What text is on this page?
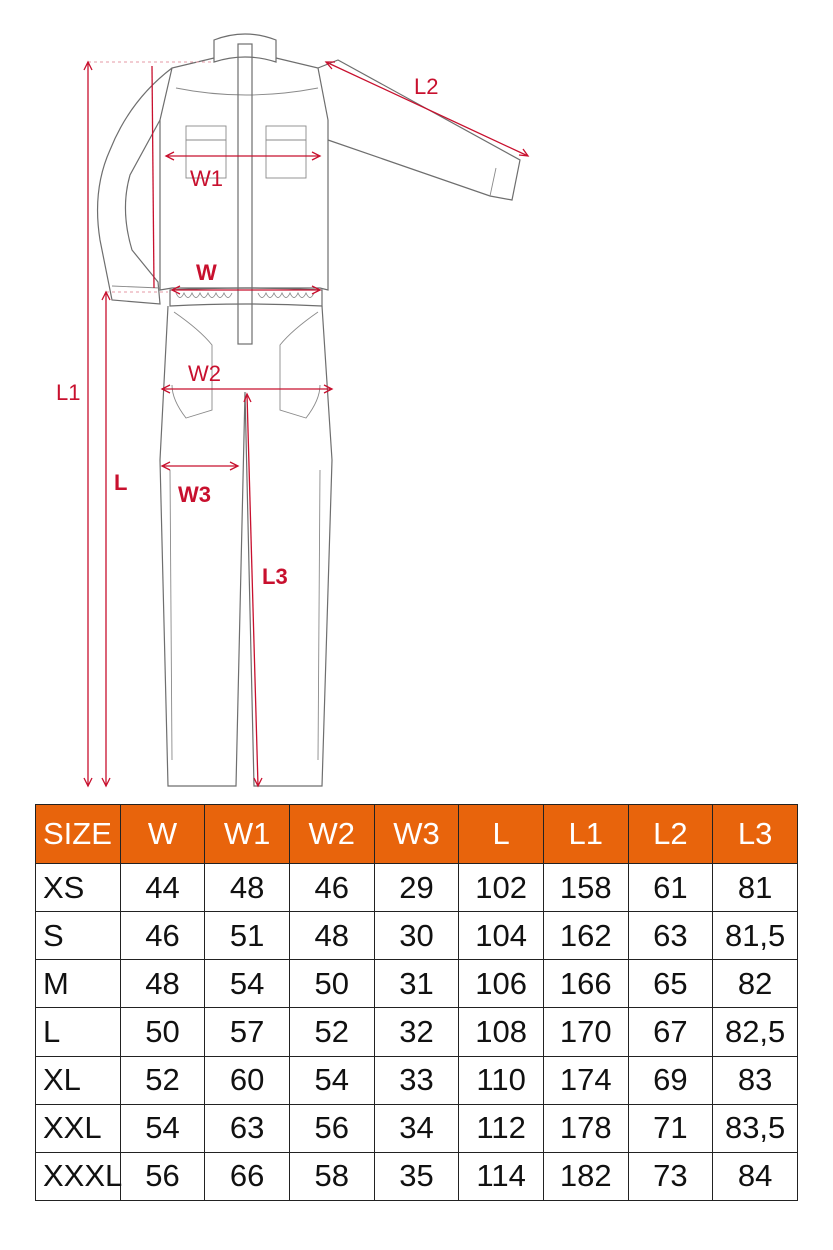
W1
W
W2
W3
L
L1
L2
L3
SIZE	W	W1	W2	W3	L	L1	L2	L3
XS	44	48	46	29	102	158	61	81
S	46	51	48	30	104	162	63	81,5
M	48	54	50	31	106	166	65	82
L	50	57	52	32	108	170	67	82,5
XL	52	60	54	33	110	174	69	83
XXL	54	63	56	34	112	178	71	83,5
XXXL	56	66	58	35	114	182	73	84
